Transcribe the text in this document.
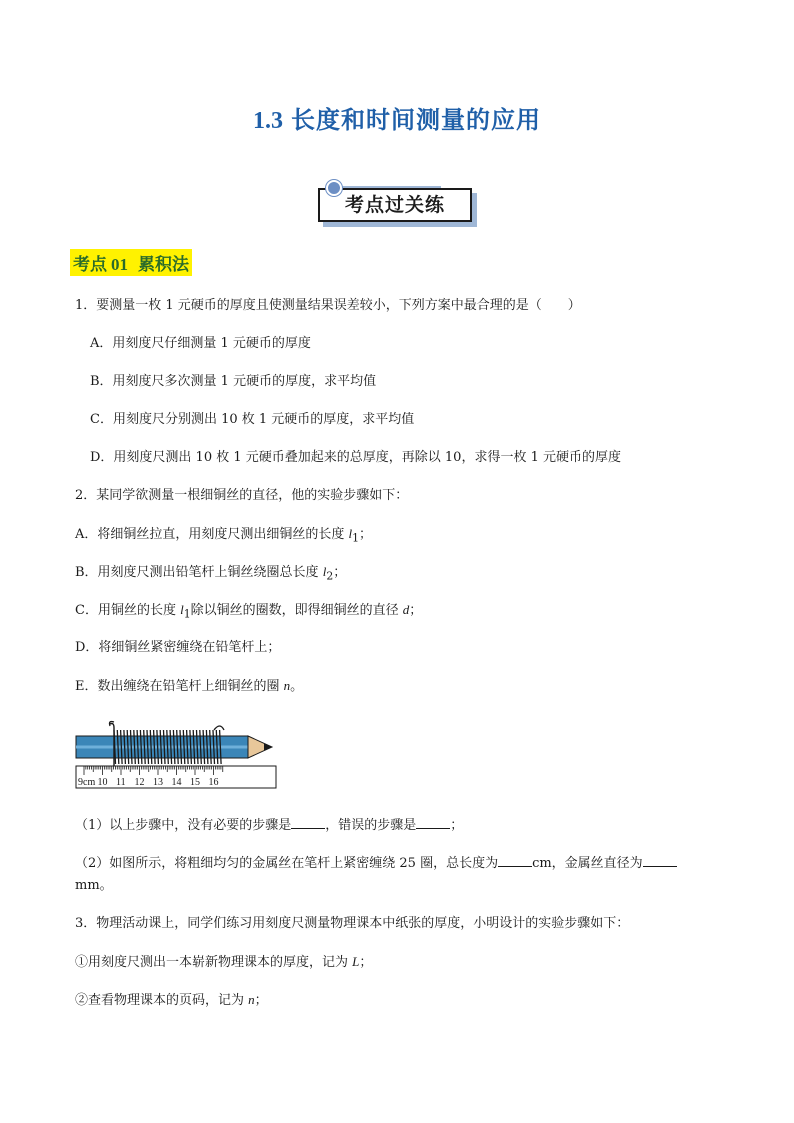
1.3 长度和时间测量的应用
考点过关练
考点 01 累积法
1．要测量一枚 1 元硬币的厚度且使测量结果误差较小，下列方案中最合理的是（　　）
A．用刻度尺仔细测量 1 元硬币的厚度
B．用刻度尺多次测量 1 元硬币的厚度，求平均值
C．用刻度尺分别测出 10 枚 1 元硬币的厚度，求平均值
D．用刻度尺测出 10 枚 1 元硬币叠加起来的总厚度，再除以 10，求得一枚 1 元硬币的厚度
2．某同学欲测量一根细铜丝的直径，他的实验步骤如下：
A．将细铜丝拉直，用刻度尺测出细铜丝的长度 $l_1$；
B．用刻度尺测出铅笔杆上铜丝绕圈总长度 $l_2$；
C．用铜丝的长度 $l_1$除以铜丝的圈数，即得细铜丝的直径 d；
D．将细铜丝紧密缠绕在铅笔杆上；
E．数出缠绕在铅笔杆上细铜丝的圈 n。
9cm 10 11 12 13 14 15 16
（1）以上步骤中，没有必要的步骤是	，错误的步骤是	；
（2）如图所示，将粗细均匀的金属丝在笔杆上紧密缠绕 25 圈，总长度为	cm，金属丝直径为
mm。
3．物理活动课上，同学们练习用刻度尺测量物理课本中纸张的厚度，小明设计的实验步骤如下：
①用刻度尺测出一本崭新物理课本的厚度，记为 L；
②查看物理课本的页码，记为 n；
